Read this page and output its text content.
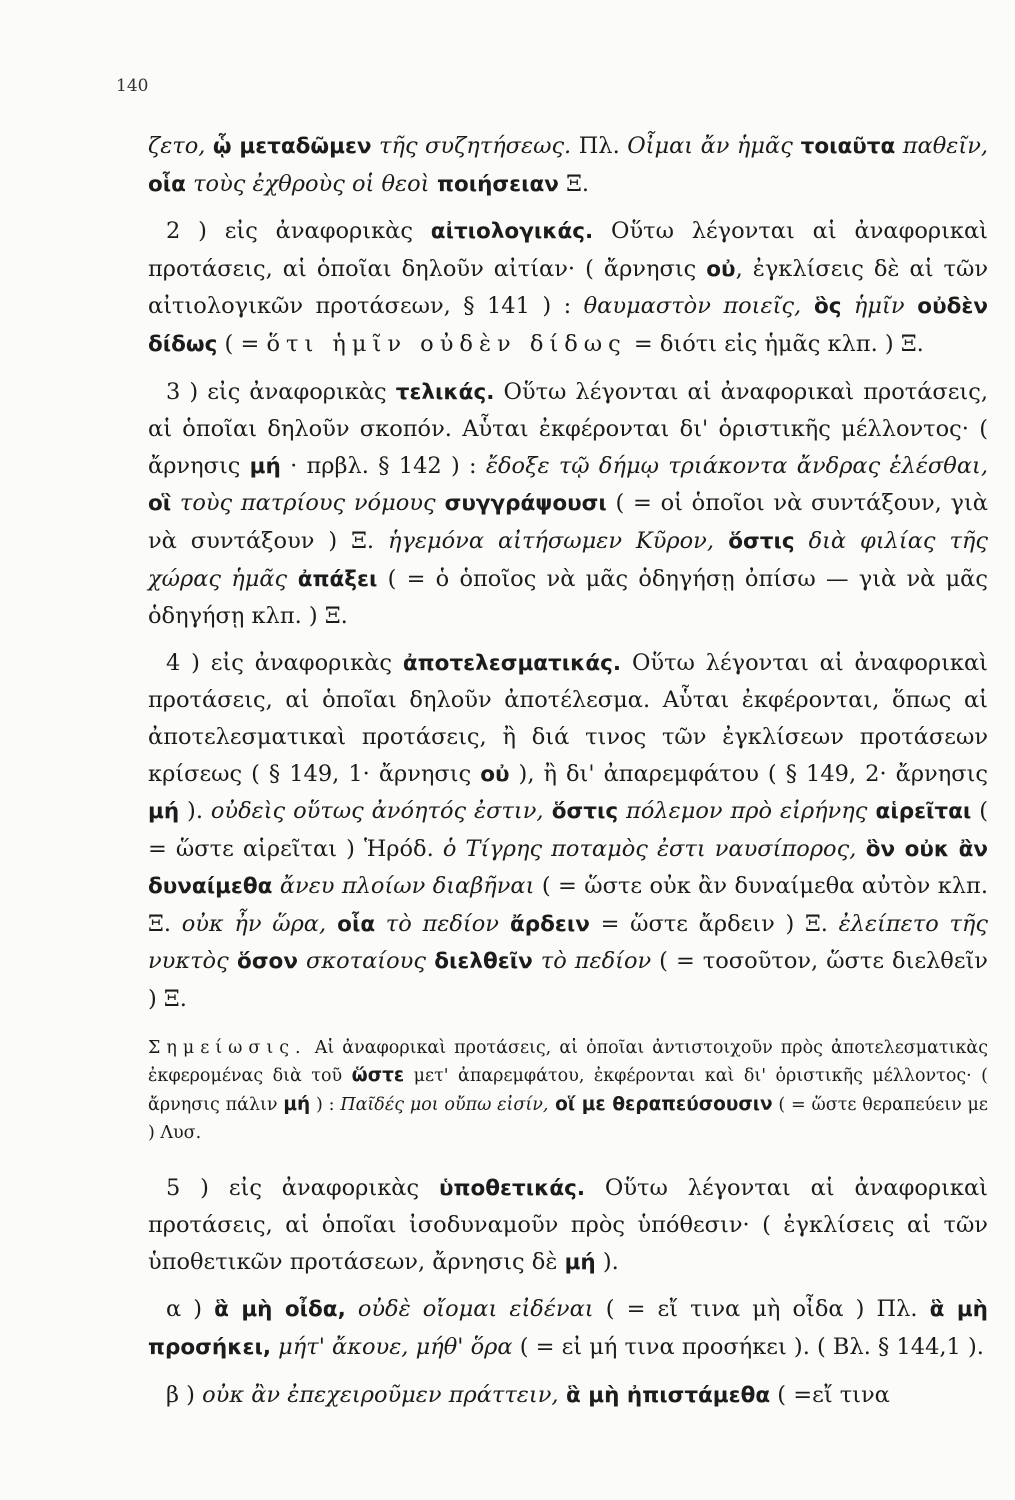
140

ζετο, ᾧ μεταδῶμεν τῆς συζητήσεως. Πλ. Οἶμαι ἄν ἡμᾶς τοιαῦτα παθεῖν, οἷα τοὺς ἐχθροὺς οἱ θεοὶ ποιήσειαν Ξ.

2 ) εἰς ἀναφορικὰς αἰτιολογικάς. Οὕτω λέγονται αἱ ἀναφορικαὶ προτάσεις, αἱ ὁποῖαι δηλοῦν αἰτίαν· ( ἄρνησις οὐ, ἐγκλίσεις δὲ αἱ τῶν αἰτιολογικῶν προτάσεων, § 141 ) : θαυμαστὸν ποιεῖς, ὃς ἡμῖν οὐδὲν δίδως ( = ὅτι ἡμῖν οὐδὲν δίδως = διότι εἰς ἡμᾶς κλπ. ) Ξ.

3 ) εἰς ἀναφορικὰς τελικάς. Οὕτω λέγονται αἱ ἀναφορικαὶ προτάσεις, αἱ ὁποῖαι δηλοῦν σκοπόν. Αὗται ἐκφέρονται δι' ὁριστικῆς μέλλοντος· ( ἄρνησις μή · πρβλ. § 142 ) : ἔδοξε τῷ δήμῳ τριάκοντα ἄνδρας ἑλέσθαι, οἳ τοὺς πατρίους νόμους συγγράψουσι ( = οἱ ὁποῖοι νὰ συντάξουν, γιὰ νὰ συντάξουν ) Ξ. ἡγεμόνα αἰτήσωμεν Κῦρον, ὅστις διὰ φιλίας τῆς χώρας ἡμᾶς ἀπάξει ( = ὁ ὁποῖος νὰ μᾶς ὁδηγήσῃ ὀπίσω — γιὰ νὰ μᾶς ὁδηγήσῃ κλπ. ) Ξ.

4 ) εἰς ἀναφορικὰς ἀποτελεσματικάς. Οὕτω λέγονται αἱ ἀναφορικαὶ προτάσεις, αἱ ὁποῖαι δηλοῦν ἀποτέλεσμα. Αὗται ἐκφέρονται, ὅπως αἱ ἀποτελεσματικαὶ προτάσεις, ἢ διά τινος τῶν ἐγκλίσεων προτάσεων κρίσεως ( § 149, 1· ἄρνησις οὐ ), ἢ δι' ἀπαρεμφάτου ( § 149, 2· ἄρνησις μή ). οὐδεὶς οὕτως ἀνόητός ἐστιν, ὅστις πόλεμον πρὸ εἰρήνης αἱρεῖται ( = ὥστε αἱρεῖται ) Ἡρόδ. ὁ Τίγρης ποταμὸς ἐστι ναυσίπορος, ὃν οὐκ ἂν δυναίμεθα ἄνευ πλοίων διαβῆναι ( = ὥστε οὐκ ἂν δυναίμεθα αὐτὸν κλπ. Ξ. οὐκ ἦν ὥρα, οἷα τὸ πεδίον ἄρδειν = ὥστε ἄρδειν ) Ξ. ἐλείπετο τῆς νυκτὸς ὅσον σκοταίους διελθεῖν τὸ πεδίον ( = τοσοῦτον, ὥστε διελθεῖν ) Ξ.

Σημείωσις. Αἱ ἀναφορικαὶ προτάσεις, αἱ ὁποῖαι ἀντιστοιχοῦν πρὸς ἀποτελεσματικὰς ἐκφερομένας διὰ τοῦ ὥστε μετ' ἀπαρεμφάτου, ἐκφέρονται καὶ δι' ὁριστικῆς μέλλοντος· ( ἄρνησις πάλιν μή ) : Παῖδές μοι οὔπω εἰσίν, οἵ με θεραπεύσουσιν ( = ὥστε θεραπεύειν με ) Λυσ.

5 ) εἰς ἀναφορικὰς ὑποθετικάς. Οὕτω λέγονται αἱ ἀναφορικαὶ προτάσεις, αἱ ὁποῖαι ἰσοδυναμοῦν πρὸς ὑπόθεσιν· ( ἐγκλίσεις αἱ τῶν ὑποθετικῶν προτάσεων, ἄρνησις δὲ μή ).

α ) ἃ μὴ οἶδα, οὐδὲ οἴομαι εἰδέναι ( = εἴ τινα μὴ οἶδα ) Πλ. ἃ μὴ προσήκει, μήτ' ἄκουε, μήθ' ὅρα ( = εἰ μή τινα προσήκει ). ( Βλ. § 144,1 ).

β ) οὐκ ἂν ἐπεχειροῦμεν πράττειν, ἃ μὴ ἠπιστάμεθα ( =εἴ τινα
